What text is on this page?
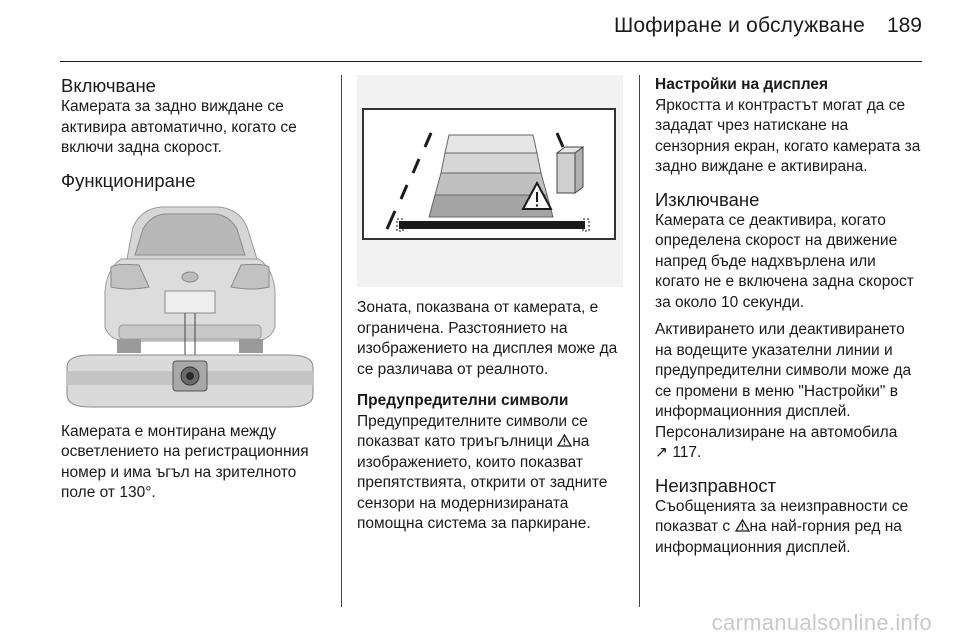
Шофиране и обслужване 189
Включване

Камерата за задно виждане се активира автоматично, когато се включи задна скорост.

Функциониране

Камерата е монтирана между осветлението на регистрационния номер и има ъгъл на зрителното поле от 130°.

Зоната, показвана от камерата, е ограничена. Разстоянието на изображението на дисплея може да се различава от реалното.

Предупредителни символи

Предупредителните символи се показват като триъгълници на изображението, които показват препятствията, открити от задните сензори на модернизираната помощна система за паркиране.

Настройки на дисплея

Яркостта и контрастът могат да се зададат чрез натискане на сензорния екран, когато камерата за задно виждане е активирана.

Изключване

Камерата се деактивира, когато определена скорост на движение напред бъде надхвърлена или когато не е включена задна скорост за около 10 секунди.

Активирането или деактивирането на водещите указателни линии и предупредителни символи може да се промени в меню "Настройки" в информационния дисплей. Персонализиране на автомобила
↗ 117.

Неизправност

Съобщенията за неизправности се показват с на най-горния ред на информационния дисплей.

carmanualsonline.info
